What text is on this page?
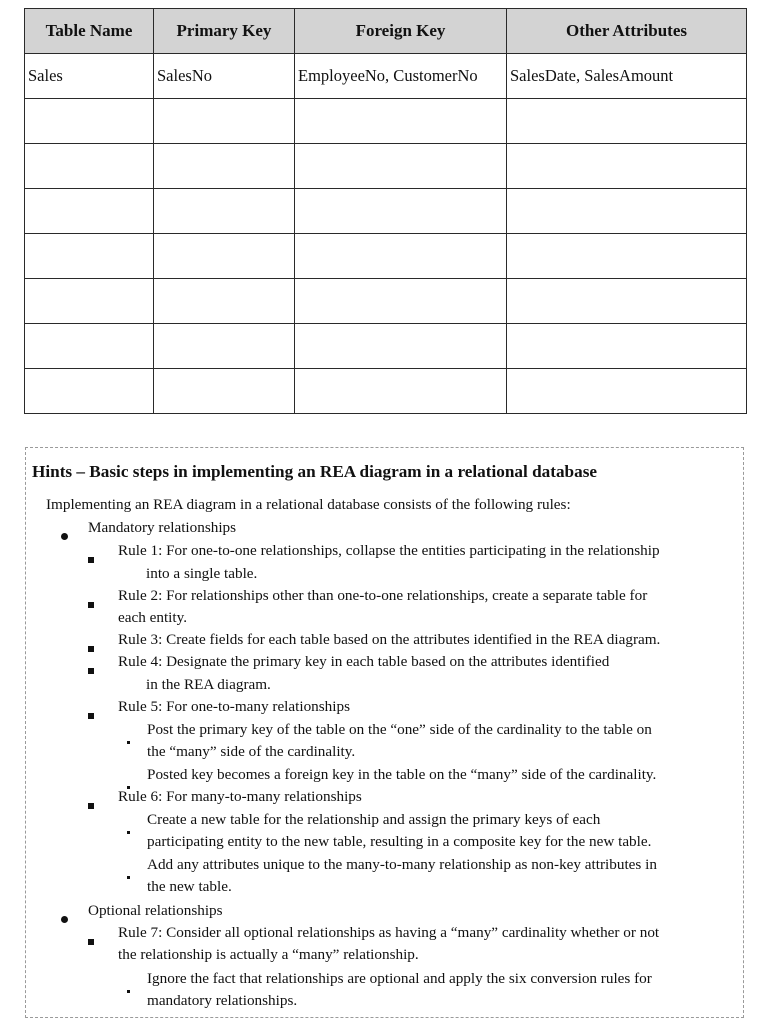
Table Name	Primary Key	Foreign Key	Other Attributes
Sales	SalesNo	EmployeeNo, CustomerNo	SalesDate, SalesAmount

Hints – Basic steps in implementing an REA diagram in a relational database
Implementing an REA diagram in a relational database consists of the following rules:
Mandatory relationships
Rule 1: For one-to-one relationships, collapse the entities participating in the relationship
into a single table.
Rule 2: For relationships other than one-to-one relationships, create a separate table for
each entity.
Rule 3: Create fields for each table based on the attributes identified in the REA diagram.
Rule 4: Designate the primary key in each table based on the attributes identified
in the REA diagram.
Rule 5: For one-to-many relationships
Post the primary key of the table on the “one” side of the cardinality to the table on
the “many” side of the cardinality.
Posted key becomes a foreign key in the table on the “many” side of the cardinality.
Rule 6: For many-to-many relationships
Create a new table for the relationship and assign the primary keys of each
participating entity to the new table, resulting in a composite key for the new table.
Add any attributes unique to the many-to-many relationship as non-key attributes in
the new table.
Optional relationships
Rule 7: Consider all optional relationships as having a “many” cardinality whether or not
the relationship is actually a “many” relationship.
Ignore the fact that relationships are optional and apply the six conversion rules for
mandatory relationships.
